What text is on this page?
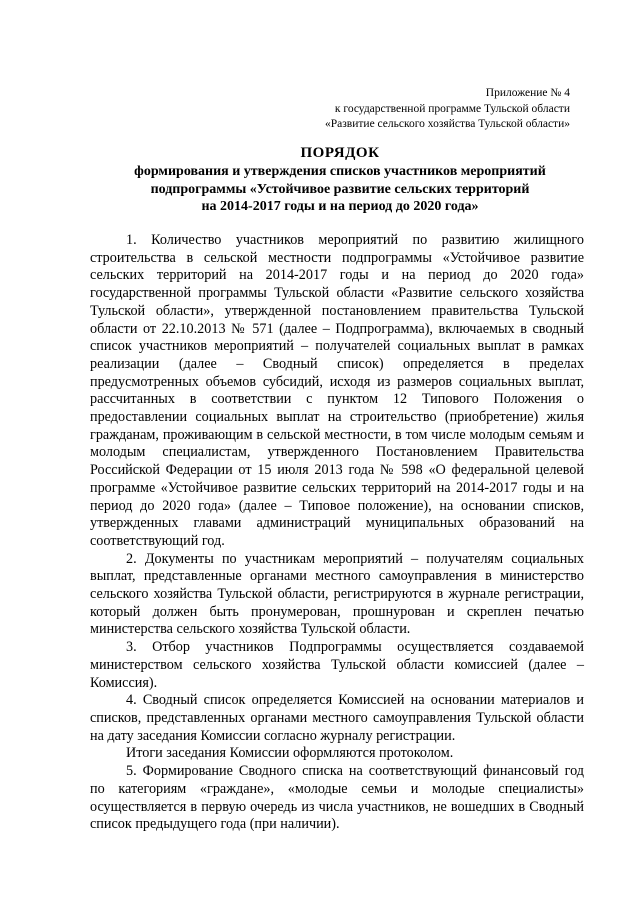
Приложение № 4
к государственной программе Тульской области
«Развитие сельского хозяйства Тульской области»
ПОРЯДОК
формирования и утверждения списков участников мероприятий
подпрограммы «Устойчивое развитие сельских территорий
на 2014-2017 годы и на период до 2020 года»

1. Количество участников мероприятий по развитию жилищного строительства в сельской местности подпрограммы «Устойчивое развитие сельских территорий на 2014-2017 годы и на период до 2020 года» государственной программы Тульской области «Развитие сельского хозяйства Тульской области», утвержденной постановлением правительства Тульской области от 22.10.2013 № 571 (далее – Подпрограмма), включаемых в сводный список участников мероприятий – получателей социальных выплат в рамках реализации (далее – Сводный список) определяется в пределах предусмотренных объемов субсидий, исходя из размеров социальных выплат, рассчитанных в соответствии с пунктом 12 Типового Положения о предоставлении социальных выплат на строительство (приобретение) жилья гражданам, проживающим в сельской местности, в том числе молодым семьям и молодым специалистам, утвержденного Постановлением Правительства Российской Федерации от 15 июля 2013 года № 598 «О федеральной целевой программе «Устойчивое развитие сельских территорий на 2014-2017 годы и на период до 2020 года» (далее – Типовое положение), на основании списков, утвержденных главами администраций муниципальных образований на соответствующий год.

2. Документы по участникам мероприятий – получателям социальных выплат, представленные органами местного самоуправления в министерство сельского хозяйства Тульской области, регистрируются в журнале регистрации, который должен быть пронумерован, прошнурован и скреплен печатью министерства сельского хозяйства Тульской области.

3. Отбор участников Подпрограммы осуществляется создаваемой министерством сельского хозяйства Тульской области комиссией (далее – Комиссия).

4. Сводный список определяется Комиссией на основании материалов и списков, представленных органами местного самоуправления Тульской области на дату заседания Комиссии согласно журналу регистрации.

Итоги заседания Комиссии оформляются протоколом.

5. Формирование Сводного списка на соответствующий финансовый год по категориям «граждане», «молодые семьи и молодые специалисты» осуществляется в первую очередь из числа участников, не вошедших в Сводный список предыдущего года (при наличии).
